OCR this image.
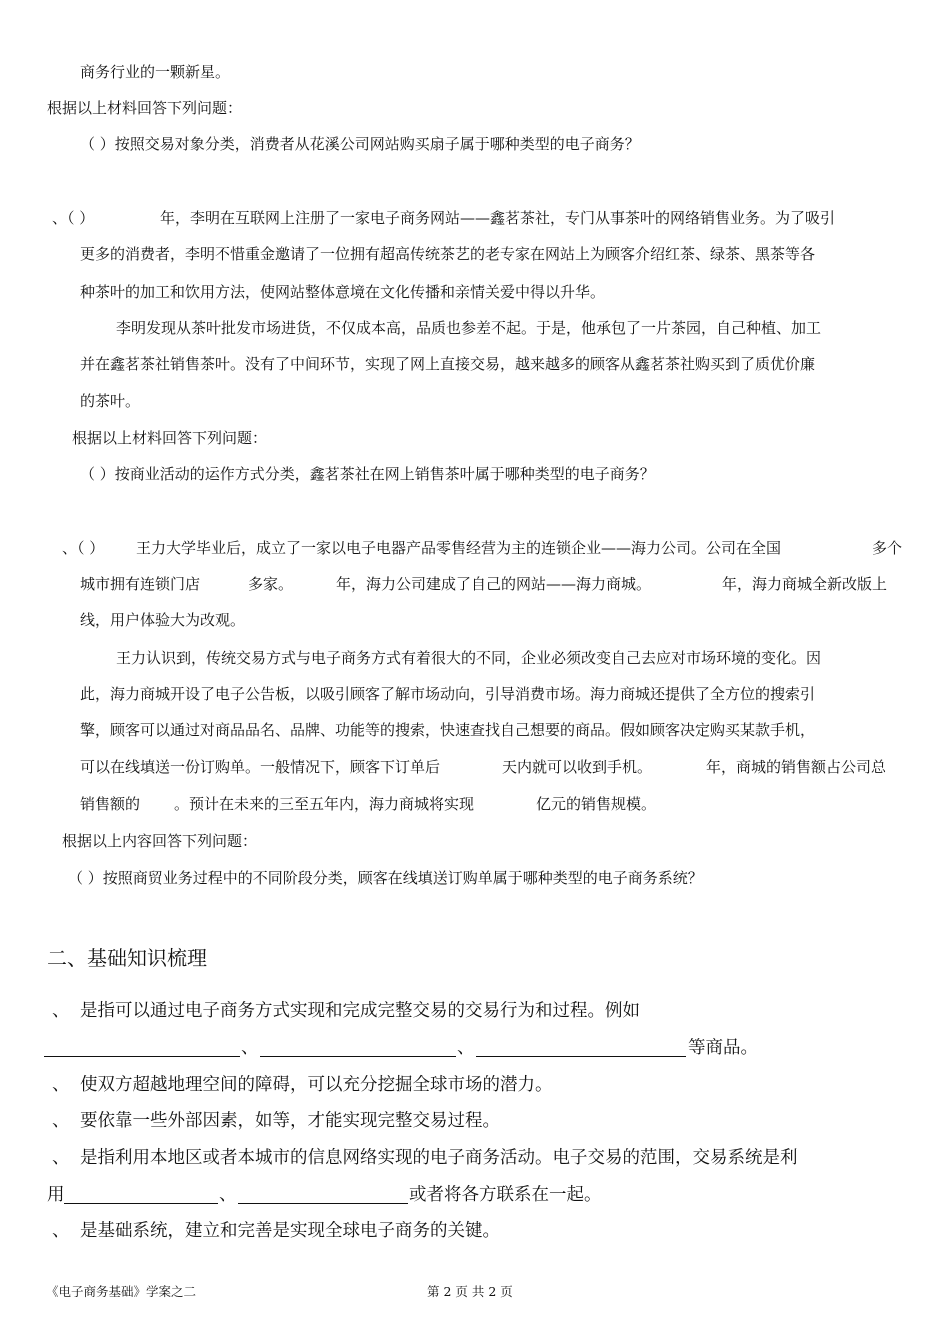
商务行业的一颗新星。
根据以上材料回答下列问题：
（ ）按照交易对象分类，消费者从花溪公司网站购买扇子属于哪种类型的电子商务？
、（ ）	年，李明在互联网上注册了一家电子商务网站——鑫茗茶社，专门从事茶叶的网络销售业务。为了吸引
更多的消费者，李明不惜重金邀请了一位拥有超高传统茶艺的老专家在网站上为顾客介绍红茶、绿茶、黑茶等各
种茶叶的加工和饮用方法，使网站整体意境在文化传播和亲情关爱中得以升华。
李明发现从茶叶批发市场进货，不仅成本高，品质也参差不起。于是，他承包了一片茶园，自己种植、加工
并在鑫茗茶社销售茶叶。没有了中间环节，实现了网上直接交易，越来越多的顾客从鑫茗茶社购买到了质优价廉
的茶叶。
根据以上材料回答下列问题：
（ ）按商业活动的运作方式分类，鑫茗茶社在网上销售茶叶属于哪种类型的电子商务？
、（ ） 王力大学毕业后，成立了一家以电子电器产品零售经营为主的连锁企业——海力公司。公司在全国	多个
城市拥有连锁门店	多家。	年，海力公司建成了自己的网站——海力商城。	年，海力商城全新改版上
线，用户体验大为改观。
王力认识到，传统交易方式与电子商务方式有着很大的不同，企业必须改变自己去应对市场环境的变化。因
此，海力商城开设了电子公告板，以吸引顾客了解市场动向，引导消费市场。海力商城还提供了全方位的搜索引
擎，顾客可以通过对商品品名、品牌、功能等的搜索，快速查找自己想要的商品。假如顾客决定购买某款手机，
可以在线填送一份订购单。一般情况下，顾客下订单后	天内就可以收到手机。	年，商城的销售额占公司总
销售额的 。预计在未来的三至五年内，海力商城将实现	亿元的销售规模。
根据以上内容回答下列问题：
（ ）按照商贸业务过程中的不同阶段分类，顾客在线填送订购单属于哪种类型的电子商务系统？
二、基础知识梳理
、 是指可以通过电子商务方式实现和完成完整交易的交易行为和过程。例如
、	、	等商品。
、 使双方超越地理空间的障碍，可以充分挖掘全球市场的潜力。
、 要依靠一些外部因素，如等，才能实现完整交易过程。
、 是指利用本地区或者本城市的信息网络实现的电子商务活动。电子交易的范围，交易系统是利
用	、	或者将各方联系在一起。
、 是基础系统，建立和完善是实现全球电子商务的关键。
《电子商务基础》学案之二	第 2 页 共 2 页
